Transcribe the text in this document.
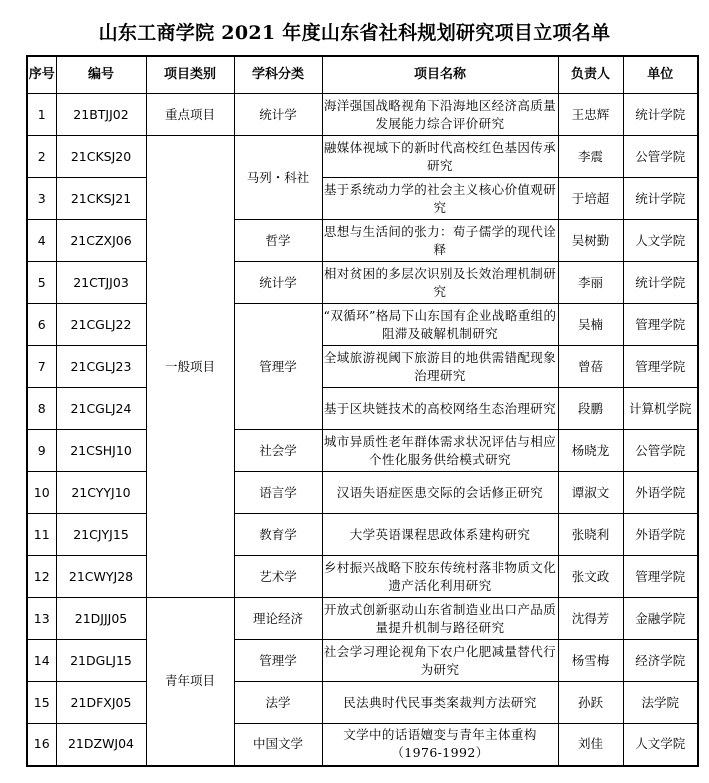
山东工商学院 2021 年度山东省社科规划研究项目立项名单
序号	编号	项目类别	学科分类	项目名称	负责人	单位
1	21BTJJ02	重点项目	统计学	海洋强国战略视角下沿海地区经济高质量发展能力综合评价研究	王忠辉	统计学院
2	21CKSJ20	一般项目	马列・科社	融媒体视域下的新时代高校红色基因传承研究	李震	公管学院
3	21CKSJ21			基于系统动力学的社会主义核心价值观研究	于培超	统计学院
4	21CZXJ06		哲学	思想与生活间的张力：荀子儒学的现代诠释	吴树勤	人文学院
5	21CTJJ03		统计学	相对贫困的多层次识别及长效治理机制研究	李丽	统计学院
6	21CGLJ22		管理学	“双循环”格局下山东国有企业战略重组的阻滞及破解机制研究	吴楠	管理学院
7	21CGLJ23			全域旅游视阈下旅游目的地供需错配现象治理研究	曾蓓	管理学院
8	21CGLJ24			基于区块链技术的高校网络生态治理研究	段鹏	计算机学院
9	21CSHJ10		社会学	城市异质性老年群体需求状况评估与相应个性化服务供给模式研究	杨晓龙	公管学院
10	21CYYJ10		语言学	汉语失语症医患交际的会话修正研究	谭淑文	外语学院
11	21CJYJ15		教育学	大学英语课程思政体系建构研究	张晓利	外语学院
12	21CWYJ28		艺术学	乡村振兴战略下胶东传统村落非物质文化遗产活化利用研究	张文政	管理学院
13	21DJJJ05	青年项目	理论经济	开放式创新驱动山东省制造业出口产品质量提升机制与路径研究	沈得芳	金融学院
14	21DGLJ15		管理学	社会学习理论视角下农户化肥减量替代行为研究	杨雪梅	经济学院
15	21DFXJ05		法学	民法典时代民事类案裁判方法研究	孙跃	法学院
16	21DZWJ04		中国文学	文学中的话语嬗变与青年主体重构（1976-1992）	刘佳	人文学院
